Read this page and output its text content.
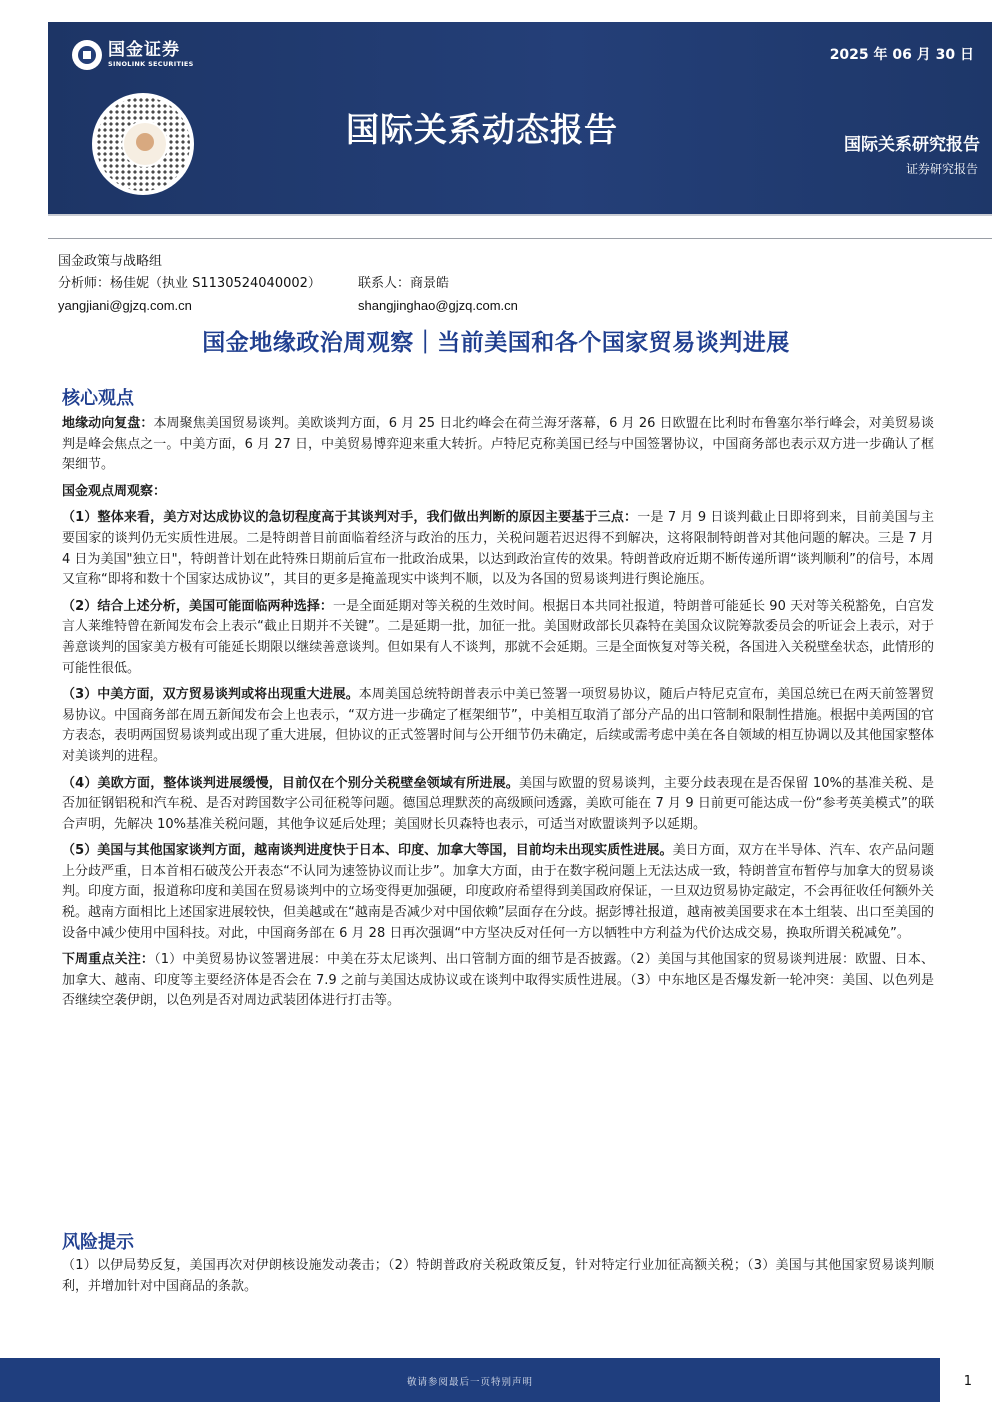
国金证券
SINOLINK SECURITIES
2025 年 06 月 30 日
国际关系动态报告	国际关系研究报告
证券研究报告
国金政策与战略组
分析师：杨佳妮（执业 S1130524040002）	联系人：商景皓
yangjiani@gjzq.com.cn	shangjinghao@gjzq.com.cn
国金地缘政治周观察｜当前美国和各个国家贸易谈判进展
核心观点

地缘动向复盘：本周聚焦美国贸易谈判。美欧谈判方面，6 月 25 日北约峰会在荷兰海牙落幕，6 月 26 日欧盟在比利时布鲁塞尔举行峰会，对美贸易谈判是峰会焦点之一。中美方面，6 月 27 日，中美贸易博弈迎来重大转折。卢特尼克称美国已经与中国签署协议，中国商务部也表示双方进一步确认了框架细节。

国金观点周观察：

（1）整体来看，美方对达成协议的急切程度高于其谈判对手，我们做出判断的原因主要基于三点：一是 7 月 9 日谈判截止日即将到来，目前美国与主要国家的谈判仍无实质性进展。二是特朗普目前面临着经济与政治的压力，关税问题若迟迟得不到解决，这将限制特朗普对其他问题的解决。三是 7 月 4 日为美国"独立日"，特朗普计划在此特殊日期前后宣布一批政治成果，以达到政治宣传的效果。特朗普政府近期不断传递所谓“谈判顺利”的信号，本周又宣称“即将和数十个国家达成协议”，其目的更多是掩盖现实中谈判不顺，以及为各国的贸易谈判进行舆论施压。

（2）结合上述分析，美国可能面临两种选择：一是全面延期对等关税的生效时间。根据日本共同社报道，特朗普可能延长 90 天对等关税豁免，白宫发言人莱维特曾在新闻发布会上表示“截止日期并不关键”。二是延期一批，加征一批。美国财政部长贝森特在美国众议院筹款委员会的听证会上表示，对于善意谈判的国家美方极有可能延长期限以继续善意谈判。但如果有人不谈判，那就不会延期。三是全面恢复对等关税，各国进入关税壁垒状态，此情形的可能性很低。

（3）中美方面，双方贸易谈判或将出现重大进展。本周美国总统特朗普表示中美已签署一项贸易协议，随后卢特尼克宣布，美国总统已在两天前签署贸易协议。中国商务部在周五新闻发布会上也表示，“双方进一步确定了框架细节”，中美相互取消了部分产品的出口管制和限制性措施。根据中美两国的官方表态，表明两国贸易谈判或出现了重大进展，但协议的正式签署时间与公开细节仍未确定，后续或需考虑中美在各自领域的相互协调以及其他国家整体对美谈判的进程。

（4）美欧方面，整体谈判进展缓慢，目前仅在个别分关税壁垒领域有所进展。美国与欧盟的贸易谈判，主要分歧表现在是否保留 10%的基准关税、是否加征钢铝税和汽车税、是否对跨国数字公司征税等问题。德国总理默茨的高级顾问透露，美欧可能在 7 月 9 日前更可能达成一份“参考英美模式”的联合声明，先解决 10%基准关税问题，其他争议延后处理；美国财长贝森特也表示，可适当对欧盟谈判予以延期。

（5）美国与其他国家谈判方面，越南谈判进度快于日本、印度、加拿大等国，目前均未出现实质性进展。美日方面，双方在半导体、汽车、农产品问题上分歧严重，日本首相石破茂公开表态“不认同为速签协议而让步”。加拿大方面，由于在数字税问题上无法达成一致，特朗普宣布暂停与加拿大的贸易谈判。印度方面，报道称印度和美国在贸易谈判中的立场变得更加强硬，印度政府希望得到美国政府保证，一旦双边贸易协定敲定，不会再征收任何额外关税。越南方面相比上述国家进展较快，但美越或在“越南是否减少对中国依赖”层面存在分歧。据彭博社报道，越南被美国要求在本土组装、出口至美国的设备中减少使用中国科技。对此，中国商务部在 6 月 28 日再次强调“中方坚决反对任何一方以牺牲中方利益为代价达成交易，换取所谓关税减免”。

下周重点关注：（1）中美贸易协议签署进展：中美在芬太尼谈判、出口管制方面的细节是否披露。（2）美国与其他国家的贸易谈判进展：欧盟、日本、加拿大、越南、印度等主要经济体是否会在 7.9 之前与美国达成协议或在谈判中取得实质性进展。（3）中东地区是否爆发新一轮冲突：美国、以色列是否继续空袭伊朗，以色列是否对周边武装团体进行打击等。

风险提示
（1）以伊局势反复，美国再次对伊朗核设施发动袭击；（2）特朗普政府关税政策反复，针对特定行业加征高额关税；（3）美国与其他国家贸易谈判顺利，并增加针对中国商品的条款。
敬请参阅最后一页特别声明	1
